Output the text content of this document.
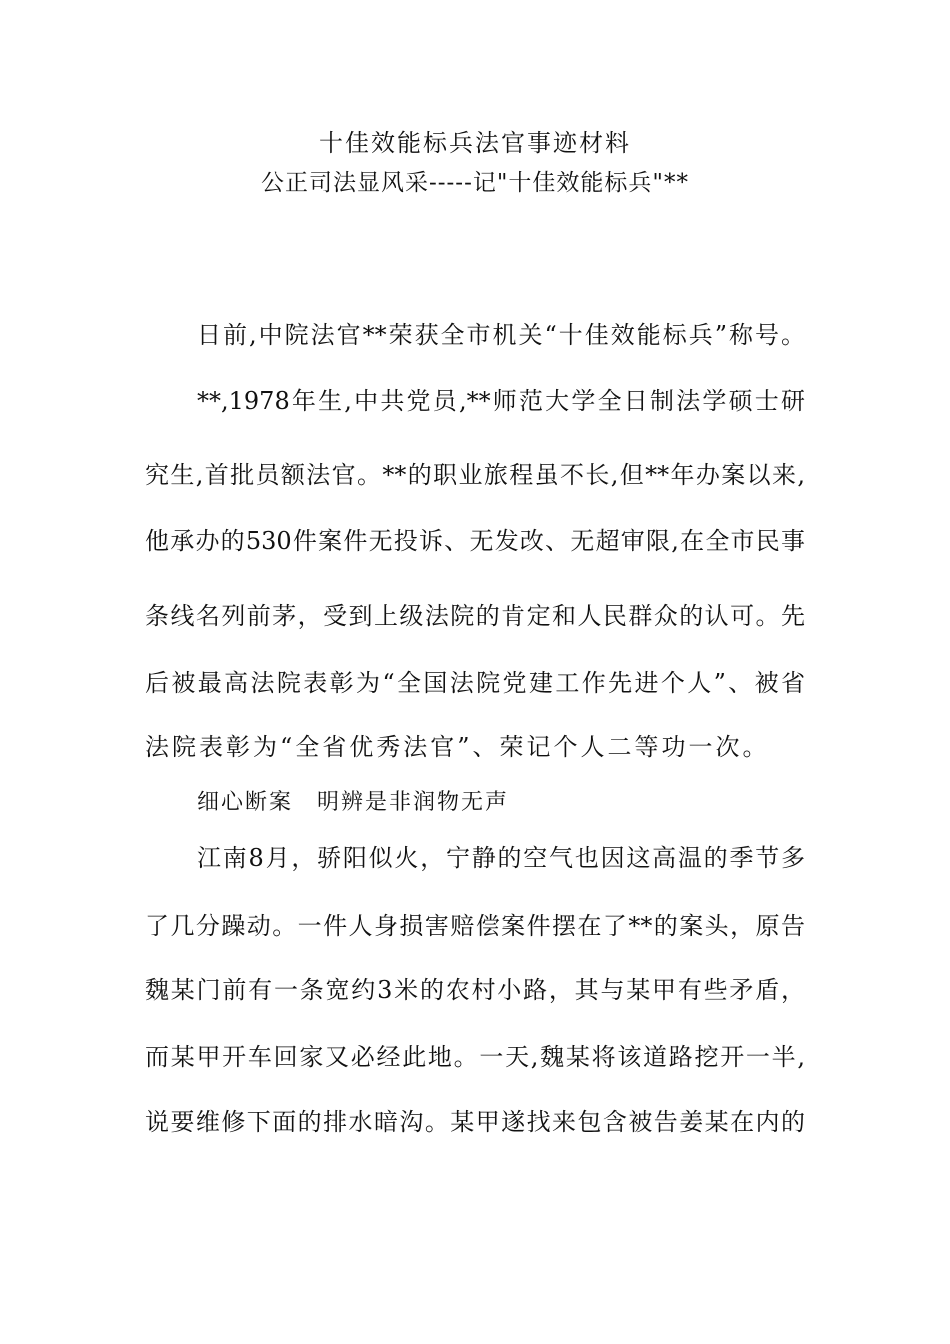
十佳效能标兵法官事迹材料
公正司法显风采-----记"十佳效能标兵"**
日前,中院法官**荣获全市机关“十佳效能标兵”称号。
**,1978年生,中共党员,**师范大学全日制法学硕士研
究生,首批员额法官。**的职业旅程虽不长,但**年办案以来,
他承办的530件案件无投诉、无发改、无超审限,在全市民事
条线名列前茅，受到上级法院的肯定和人民群众的认可。先
后被最高法院表彰为“全国法院党建工作先进个人”、被省
法院表彰为“全省优秀法官”、荣记个人二等功一次。
细心断案　明辨是非润物无声
江南8月，骄阳似火，宁静的空气也因这高温的季节多
了几分躁动。一件人身损害赔偿案件摆在了**的案头，原告
魏某门前有一条宽约3米的农村小路，其与某甲有些矛盾，
而某甲开车回家又必经此地。一天,魏某将该道路挖开一半,
说要维修下面的排水暗沟。某甲遂找来包含被告姜某在内的
